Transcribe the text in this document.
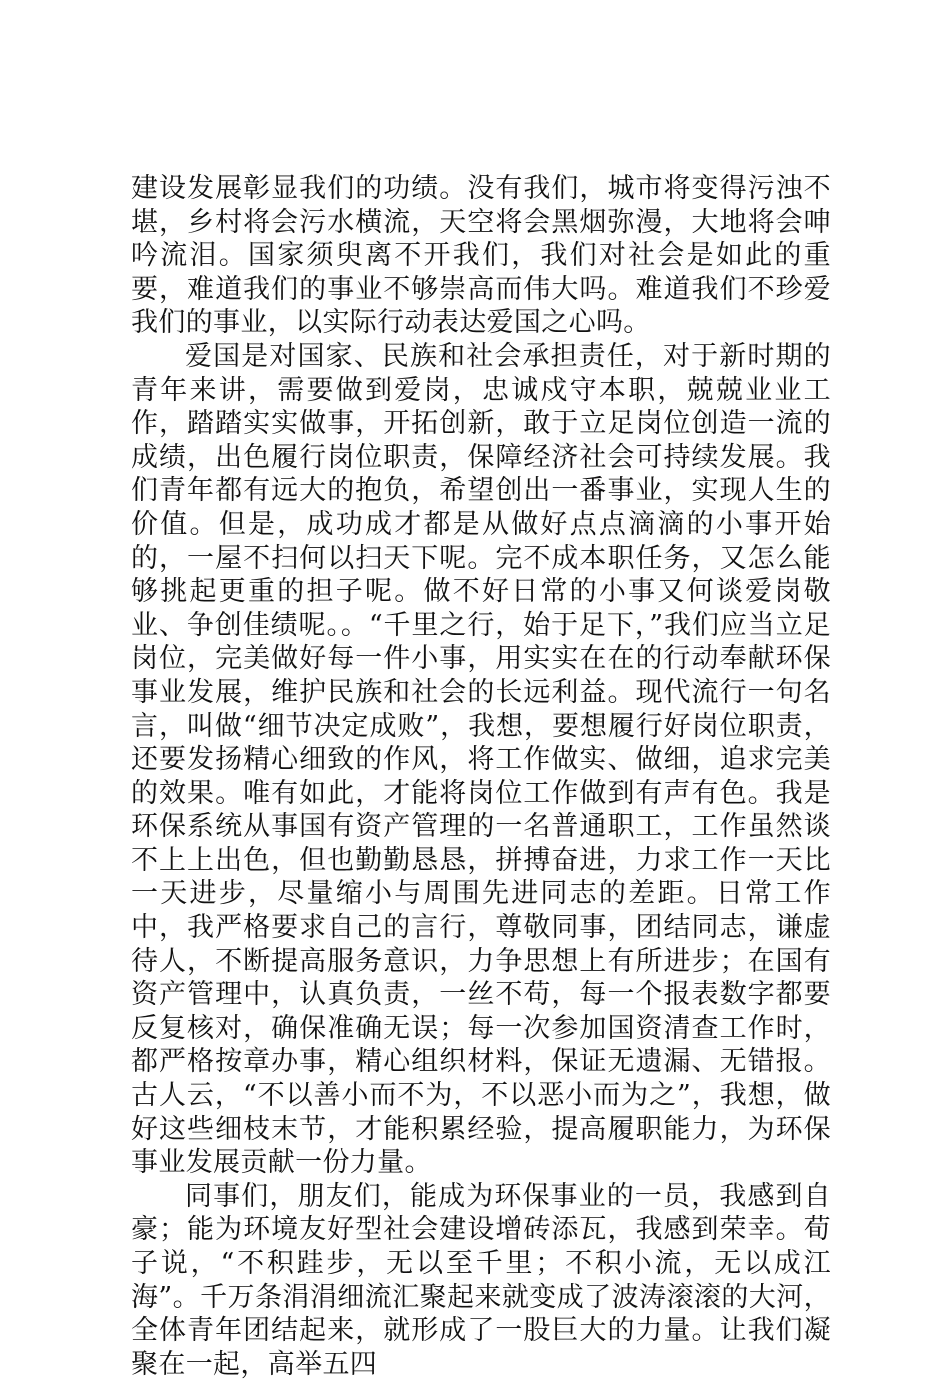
建设发展彰显我们的功绩。没有我们，城市将变得污浊不堪，乡村将会污水横流，天空将会黑烟弥漫，大地将会呻吟流泪。国家须臾离不开我们，我们对社会是如此的重要，难道我们的事业不够崇高而伟大吗。难道我们不珍爱我们的事业，以实际行动表达爱国之心吗。

爱国是对国家、民族和社会承担责任，对于新时期的青年来讲，需要做到爱岗，忠诚戍守本职，兢兢业业工作，踏踏实实做事，开拓创新，敢于立足岗位创造一流的成绩，出色履行岗位职责，保障经济社会可持续发展。我们青年都有远大的抱负，希望创出一番事业，实现人生的价值。但是，成功成才都是从做好点点滴滴的小事开始的，一屋不扫何以扫天下呢。完不成本职任务，又怎么能够挑起更重的担子呢。做不好日常的小事又何谈爱岗敬业、争创佳绩呢。。“千里之行，始于足下，”我们应当立足岗位，完美做好每一件小事，用实实在在的行动奉献环保事业发展，维护民族和社会的长远利益。现代流行一句名言，叫做“细节决定成败”，我想，要想履行好岗位职责，还要发扬精心细致的作风，将工作做实、做细，追求完美的效果。唯有如此，才能将岗位工作做到有声有色。我是环保系统从事国有资产管理的一名普通职工，工作虽然谈不上上出色，但也勤勤恳恳，拼搏奋进，力求工作一天比一天进步，尽量缩小与周围先进同志的差距。日常工作中，我严格要求自己的言行，尊敬同事，团结同志，谦虚待人，不断提高服务意识，力争思想上有所进步；在国有资产管理中，认真负责，一丝不苟，每一个报表数字都要反复核对，确保准确无误；每一次参加国资清查工作时，都严格按章办事，精心组织材料，保证无遗漏、无错报。古人云，“不以善小而不为，不以恶小而为之”，我想，做好这些细枝末节，才能积累经验，提高履职能力，为环保事业发展贡献一份力量。

同事们，朋友们，能成为环保事业的一员，我感到自豪；能为环境友好型社会建设增砖添瓦，我感到荣幸。荀子说，“不积跬步，无以至千里；不积小流，无以成江海”。千万条涓涓细流汇聚起来就变成了波涛滚滚的大河，全体青年团结起来，就形成了一股巨大的力量。让我们凝聚在一起，高举五四
